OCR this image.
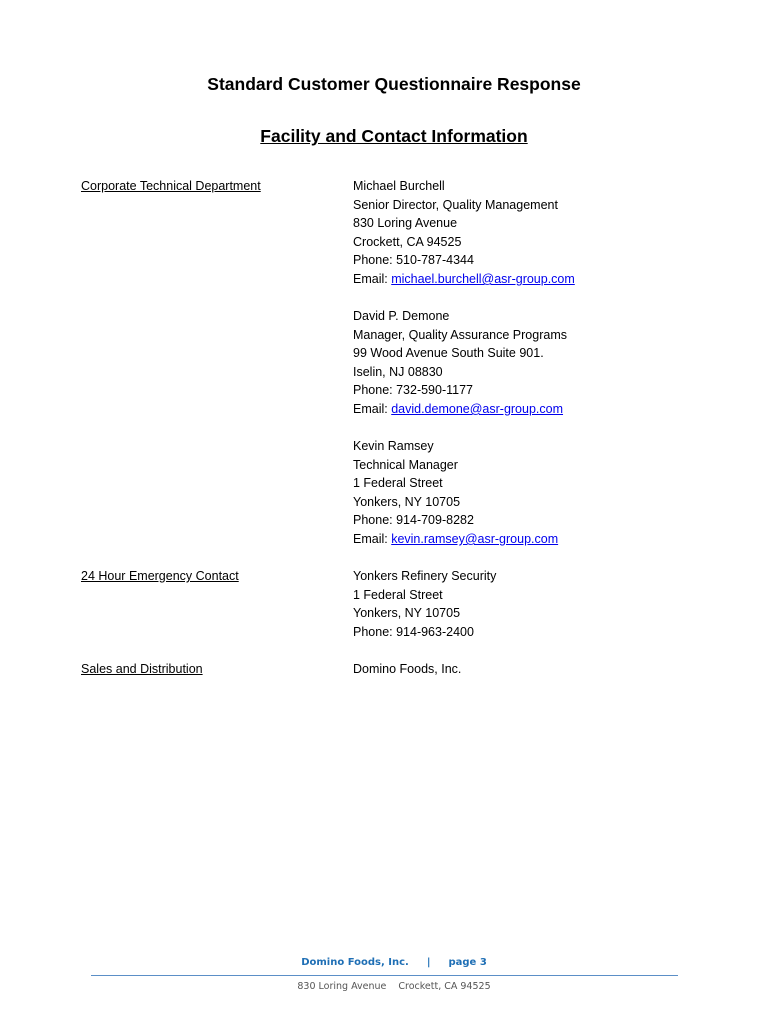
Standard Customer Questionnaire Response
Facility and Contact Information
Corporate Technical Department	Michael Burchell
Senior Director, Quality Management
830 Loring Avenue
Crockett, CA 94525
Phone: 510-787-4344
Email: michael.burchell@asr-group.com
David P. Demone
Manager, Quality Assurance Programs
99 Wood Avenue South Suite 901.
Iselin, NJ 08830
Phone: 732-590-1177
Email: david.demone@asr-group.com
Kevin Ramsey
Technical Manager
1 Federal Street
Yonkers, NY 10705
Phone: 914-709-8282
Email: kevin.ramsey@asr-group.com
24 Hour Emergency Contact	Yonkers Refinery Security
1 Federal Street
Yonkers, NY 10705
Phone: 914-963-2400
Sales and Distribution	Domino Foods, Inc.
Domino Foods, Inc. | page 3
830 Loring Avenue Crockett, CA 94525
